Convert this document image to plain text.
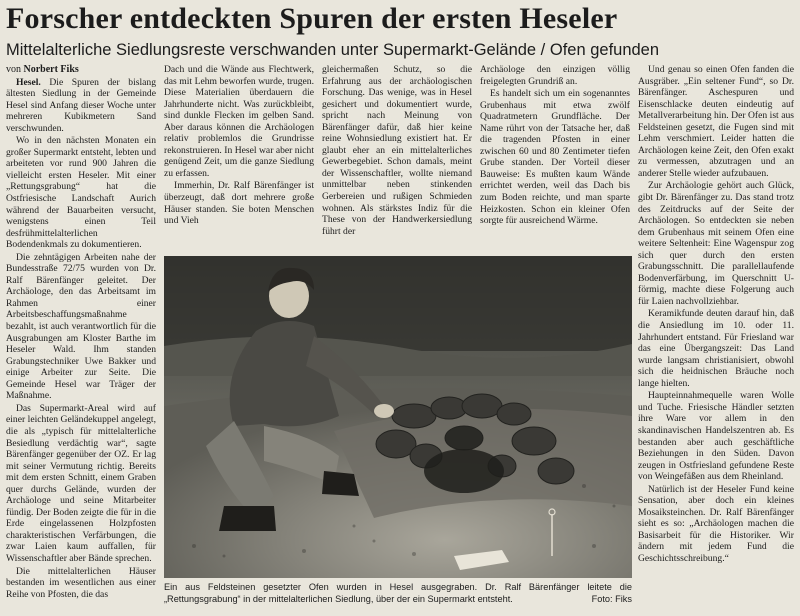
Forscher entdeckten Spuren der ersten Heseler
Mittelalterliche Siedlungsreste verschwanden unter Supermarkt-Gelände / Ofen gefunden

von Norbert Fiks

Hesel. Die Spuren der bislang ältesten Siedlung in der Gemeinde Hesel sind Anfang dieser Woche unter mehreren Kubikmetern Sand verschwunden.

Wo in den nächsten Monaten ein großer Supermarkt entsteht, lebten und arbeiteten vor rund 900 Jahren die vielleicht ersten Heseler. Mit einer „Rettungsgrabung“ hat die Ostfriesische Landschaft Aurich während der Bauarbeiten versucht, wenigstens einen Teil desfrühmittelalterlichen Bodendenkmals zu dokumentieren.

Die zehntägigen Arbeiten nahe der Bundesstraße 72/75 wurden von Dr. Ralf Bärenfänger geleitet. Der Archäologe, den das Arbeitsamt im Rahmen einer Arbeitsbeschaffungsmaßnahme bezahlt, ist auch verantwortlich für die Ausgrabungen am Kloster Barthe im Heseler Wald. Ihm standen Grabungstechniker Uwe Bakker und einige Arbeiter zur Seite. Die Gemeinde Hesel war Träger der Maßnahme.

Das Supermarkt-Areal wird auf einer leichten Geländekuppel angelegt, die als „typisch für mittelalterliche Besiedlung verdächtig war“, sagte Bärenfänger gegenüber der OZ. Er lag mit seiner Vermutung richtig. Bereits mit dem ersten Schnitt, einem Graben quer durchs Gelände, wurden der Archäologe und seine Mitarbeiter fündig. Der Boden zeigte die für in die Erde eingelassenen Holzpfosten charakteristischen Verfärbungen, die zwar Laien kaum auffallen, für Wissenschaftler aber Bände sprechen.

Die mittelalterlichen Häuser bestanden im wesentlichen aus einer Reihe von Pfosten, die das

Dach und die Wände aus Flechtwerk, das mit Lehm beworfen wurde, trugen. Diese Materialien überdauern die Jahrhunderte nicht. Was zurückbleibt, sind dunkle Flecken im gelben Sand. Aber daraus können die Archäologen relativ problemlos die Grundrisse rekonstruieren. In Hesel war aber nicht genügend Zeit, um die ganze Siedlung zu erfassen.

Immerhin, Dr. Ralf Bärenfänger ist überzeugt, daß dort mehrere große Häuser standen. Sie boten Menschen und Vieh

gleichermaßen Schutz, so die Erfahrung aus der archäologischen Forschung. Das wenige, was in Hesel gesichert und dokumentiert wurde, spricht nach Meinung von Bärenfänger dafür, daß hier keine reine Wohnsiedlung existiert hat. Er glaubt eher an ein mittelalterliches Gewerbegebiet. Schon damals, meint der Wissenschaftler, wollte niemand unmittelbar neben stinkenden Gerbereien und rußigen Schmieden wohnen. Als stärkstes Indiz für die These von der Handwerkersiedlung führt der

Archäologe den einzigen völlig freigelegten Grundriß an.

Es handelt sich um ein sogenanntes Grubenhaus mit etwa zwölf Quadratmetern Grundfläche. Der Name rührt von der Tatsache her, daß die tragenden Pfosten in einer zwischen 60 und 80 Zentimeter tiefen Grube standen. Der Vorteil dieser Bauweise: Es mußten kaum Wände errichtet werden, weil das Dach bis zum Boden reichte, und man sparte Heizkosten. Schon ein kleiner Ofen sorgte für ausreichend Wärme.

Und genau so einen Ofen fanden die Ausgräber. „Ein seltener Fund“, so Dr. Bärenfänger. Aschespuren und Eisenschlacke deuten eindeutig auf Metallverarbeitung hin. Der Ofen ist aus Feldsteinen gesetzt, die Fugen sind mit Lehm verschmiert. Leider hatten die Archäologen keine Zeit, den Ofen exakt zu vermessen, abzutragen und an anderer Stelle wieder aufzubauen.

Zur Archäologie gehört auch Glück, gibt Dr. Bärenfänger zu. Das stand trotz des Zeitdrucks auf der Seite der Archäologen. So entdeckten sie neben dem Grubenhaus mit seinem Ofen eine weitere Seltenheit: Eine Wagenspur zog sich quer durch den ersten Grabungsschnitt. Die parallellaufende Bodenverfärbung, im Querschnitt U-förmig, machte diese Folgerung auch für Laien nachvollziehbar.

Keramikfunde deuten darauf hin, daß die Ansiedlung im 10. oder 11. Jahrhundert entstand. Für Friesland war das eine Übergangszeit: Das Land wurde langsam christianisiert, obwohl sich die heidnischen Bräuche noch lange hielten.

Haupteinnahmequelle waren Wolle und Tuche. Friesische Händler setzten ihre Ware vor allem in den skandinavischen Handelszentren ab. Es bestanden aber auch geschäftliche Beziehungen in den Süden. Davon zeugen in Ostfriesland gefundene Reste von Weingefäßen aus dem Rheinland.

Natürlich ist der Heseler Fund keine Sensation, aber doch ein kleines Mosaiksteinchen. Dr. Ralf Bärenfänger sieht es so: „Archäologen machen die Basisarbeit für die Historiker. Wir ändern mit jedem Fund die Geschichtsschreibung.“

Ein aus Feldsteinen gesetzter Ofen wurden in Hesel ausgegraben. Dr. Ralf Bärenfänger leitete die „Rettungsgrabung“ in der mittelalterlichen Siedlung, über der ein Supermarkt entsteht.	Foto: Fiks
